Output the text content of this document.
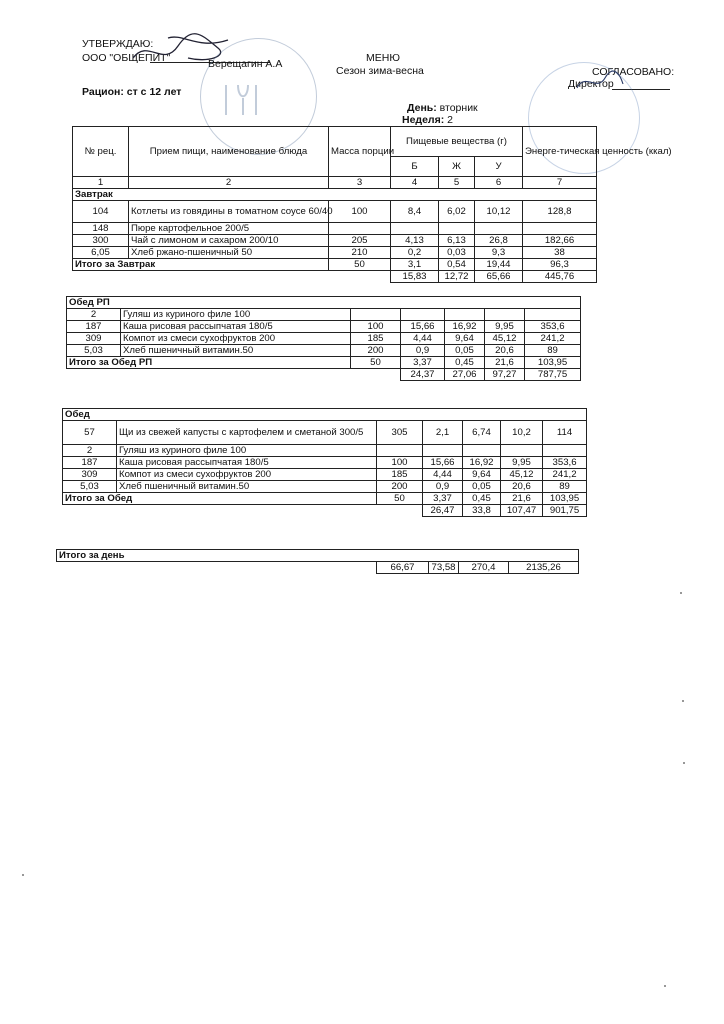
УТВЕРЖДАЮ:
ООО "ОБЩЕПИТ"	Верещагин А.А	МЕНЮ
Сезон зима-весна	СОГЛАСОВАНО:
Директор
Рацион: ст с 12 лет
День: вторник
Неделя: 2
№ рец.	Прием пищи, наименование блюда	Масса порции	Пищевые вещества (г)			Энерге-тическая ценность (ккал)
			Б	Ж	У	
1	2	3	4	5	6	7
Завтрак						
104	Котлеты из говядины в томатном соусе 60/40	100	8,4	6,02	10,12	128,8
148	Пюре картофельное 200/5					
300	Чай с лимоном и сахаром 200/10	205	4,13	6,13	26,8	182,66
6,05	Хлеб ржано-пшеничный 50	210	0,2	0,03	9,3	38
Итого за Завтрак		50	3,1	0,54	19,44	96,3
			15,83	12,72	65,66	445,76
Обед РП						
2	Гуляш из куриного филе 100					
187	Каша рисовая рассыпчатая 180/5	100	15,66	16,92	9,95	353,6
309	Компот из смеси сухофруктов 200	185	4,44	9,64	45,12	241,2
5,03	Хлеб пшеничный витамин.50	200	0,9	0,05	20,6	89
Итого за Обед РП		50	3,37	0,45	21,6	103,95
			24,37	27,06	97,27	787,75
Обед						
57	Щи из свежей капусты с картофелем и сметаной 300/5	305	2,1	6,74	10,2	114
2	Гуляш из куриного филе 100					
187	Каша рисовая рассыпчатая 180/5	100	15,66	16,92	9,95	353,6
309	Компот из смеси сухофруктов 200	185	4,44	9,64	45,12	241,2
5,03	Хлеб пшеничный витамин.50	200	0,9	0,05	20,6	89
Итого за Обед		50	3,37	0,45	21,6	103,95
			26,47	33,8	107,47	901,75
Итого за день
	66,67	73,58	270,4	2135,26
